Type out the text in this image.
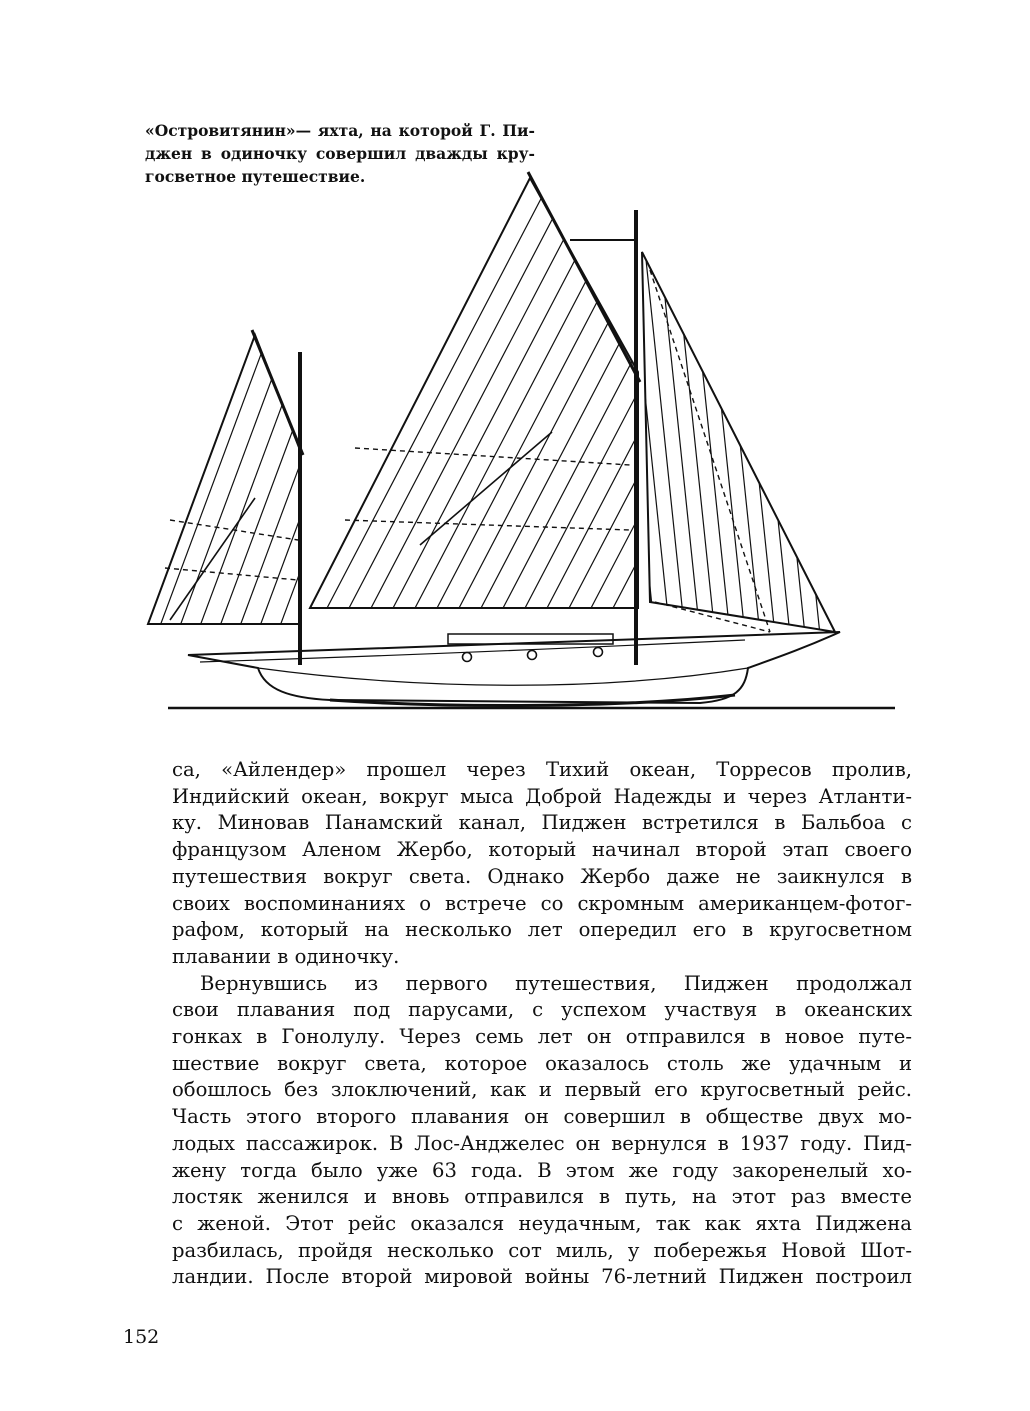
«Островитянин»— яхта, на которой Г. Пи-
джен в одиночку совершил дважды кру-
госветное путешествие.
са, «Айлендер» прошел через Тихий океан, Торресов пролив,
Индийский океан, вокруг мыса Доброй Надежды и через Атланти-
ку. Миновав Панамский канал, Пиджен встретился в Бальбоа с
французом Аленом Жербо, который начинал второй этап своего
путешествия вокруг света. Однако Жербо даже не заикнулся в
своих воспоминаниях о встрече со скромным американцем-фотог-
рафом, который на несколько лет опередил его в кругосветном
плавании в одиночку.
Вернувшись из первого путешествия, Пиджен продолжал
свои плавания под парусами, с успехом участвуя в океанских
гонках в Гонолулу. Через семь лет он отправился в новое путе-
шествие вокруг света, которое оказалось столь же удачным и
обошлось без злоключений, как и первый его кругосветный рейс.
Часть этого второго плавания он совершил в обществе двух мо-
лодых пассажирок. В Лос-Анджелес он вернулся в 1937 году. Пид-
жену тогда было уже 63 года. В этом же году закоренелый хо-
лостяк женился и вновь отправился в путь, на этот раз вместе
с женой. Этот рейс оказался неудачным, так как яхта Пиджена
разбилась, пройдя несколько сот миль, у побережья Новой Шот-
ландии. После второй мировой войны 76-летний Пиджен построил
152
